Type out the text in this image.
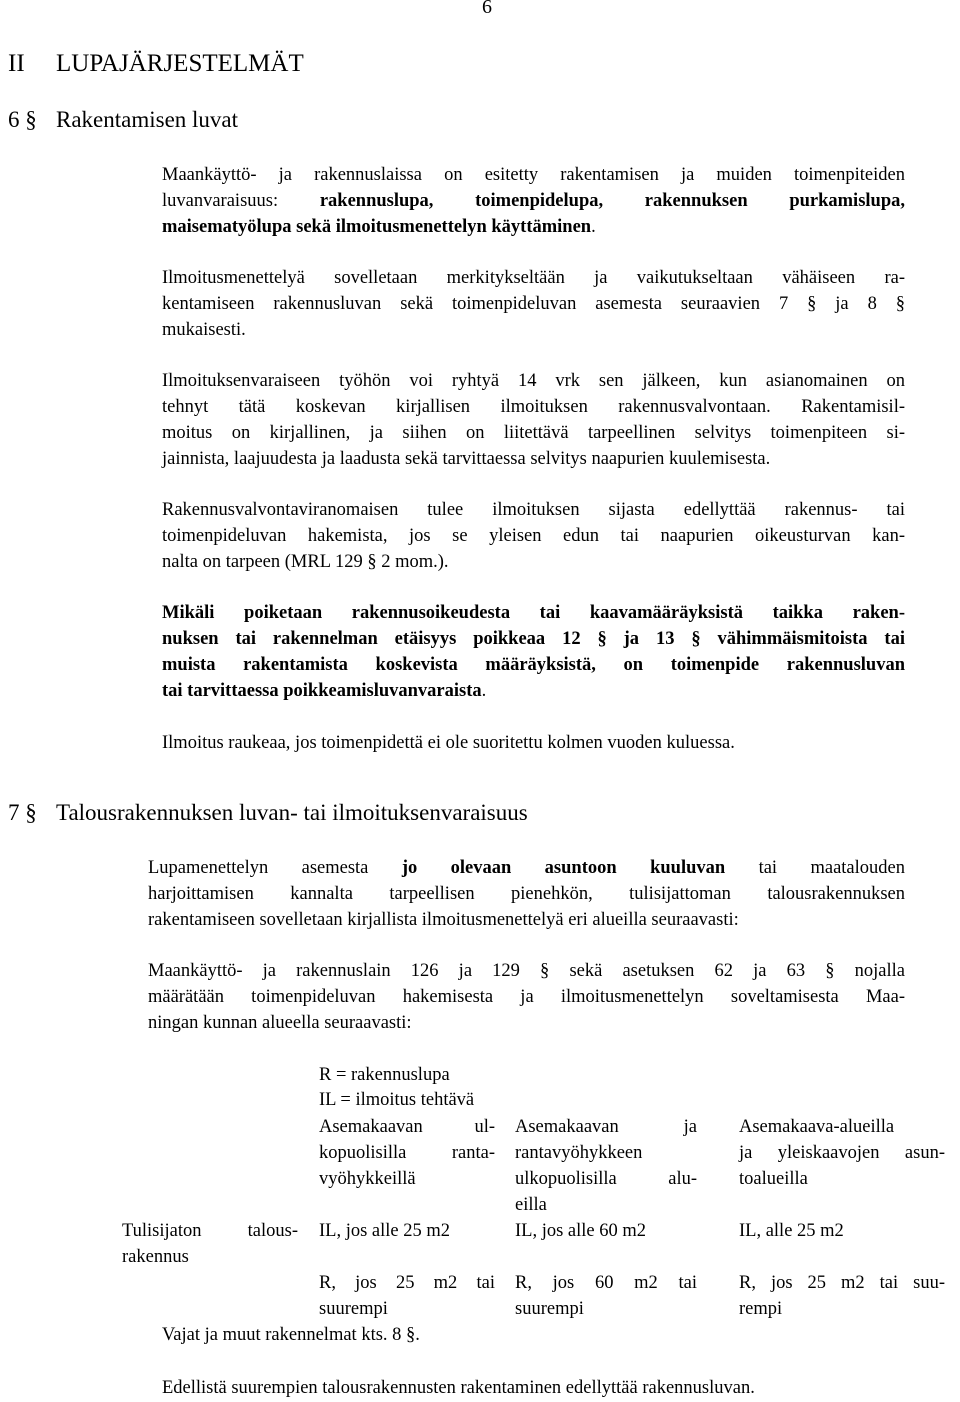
6
II LUPAJÄRJESTELMÄT
6 § Rakentamisen luvat
Maankäyttö- ja rakennuslaissa on esitetty rakentamisen ja muiden toimenpiteiden
luvanvaraisuus: rakennuslupa, toimenpidelupa, rakennuksen purkamislupa,
maisematyölupa sekä ilmoitusmenettelyn käyttäminen.
Ilmoitusmenettelyä sovelletaan merkitykseltään ja vaikutukseltaan vähäiseen ra-
kentamiseen rakennusluvan sekä toimenpideluvan asemesta seuraavien 7 § ja 8 §
mukaisesti.
Ilmoituksenvaraiseen työhön voi ryhtyä 14 vrk sen jälkeen, kun asianomainen on
tehnyt tätä koskevan kirjallisen ilmoituksen rakennusvalvontaan. Rakentamisil-
moitus on kirjallinen, ja siihen on liitettävä tarpeellinen selvitys toimenpiteen si-
jainnista, laajuudesta ja laadusta sekä tarvittaessa selvitys naapurien kuulemisesta.
Rakennusvalvontaviranomaisen tulee ilmoituksen sijasta edellyttää rakennus- tai
toimenpideluvan hakemista, jos se yleisen edun tai naapurien oikeusturvan kan-
nalta on tarpeen (MRL 129 § 2 mom.).
Mikäli poiketaan rakennusoikeudesta tai kaavamääräyksistä taikka raken-
nuksen tai rakennelman etäisyys poikkeaa 12 § ja 13 § vähimmäismitoista tai
muista rakentamista koskevista määräyksistä, on toimenpide rakennusluvan
tai tarvittaessa poikkeamisluvanvaraista.
Ilmoitus raukeaa, jos toimenpidettä ei ole suoritettu kolmen vuoden kuluessa.
7 § Talousrakennuksen luvan- tai ilmoituksenvaraisuus
Lupamenettelyn asemesta jo olevaan asuntoon kuuluvan tai maatalouden
harjoittamisen kannalta tarpeellisen pienehkön, tulisijattoman talousrakennuksen
rakentamiseen sovelletaan kirjallista ilmoitusmenettelyä eri alueilla seuraavasti:
Maankäyttö- ja rakennuslain 126 ja 129 § sekä asetuksen 62 ja 63 § nojalla
määrätään toimenpideluvan hakemisesta ja ilmoitusmenettelyn soveltamisesta Maa-
ningan kunnan alueella seuraavasti:
R = rakennuslupa
IL = ilmoitus tehtävä
Asemakaavan ul-
kopuolisilla ranta-
vyöhykkeillä
Asemakaavan ja
rantavyöhykkeen
ulkopuolisilla alu-
eilla
Asemakaava-alueilla
ja yleiskaavojen asun-
toalueilla
Tulisijaton talous-
rakennus
IL, jos alle 25 m2	IL, jos alle 60 m2	IL, alle 25 m2
R, jos 25 m2 tai
suurempi
R, jos 60 m2 tai
suurempi
R, jos 25 m2 tai suu-
rempi
Vajat ja muut rakennelmat kts. 8 §.
Edellistä suurempien talousrakennusten rakentaminen edellyttää rakennusluvan.
